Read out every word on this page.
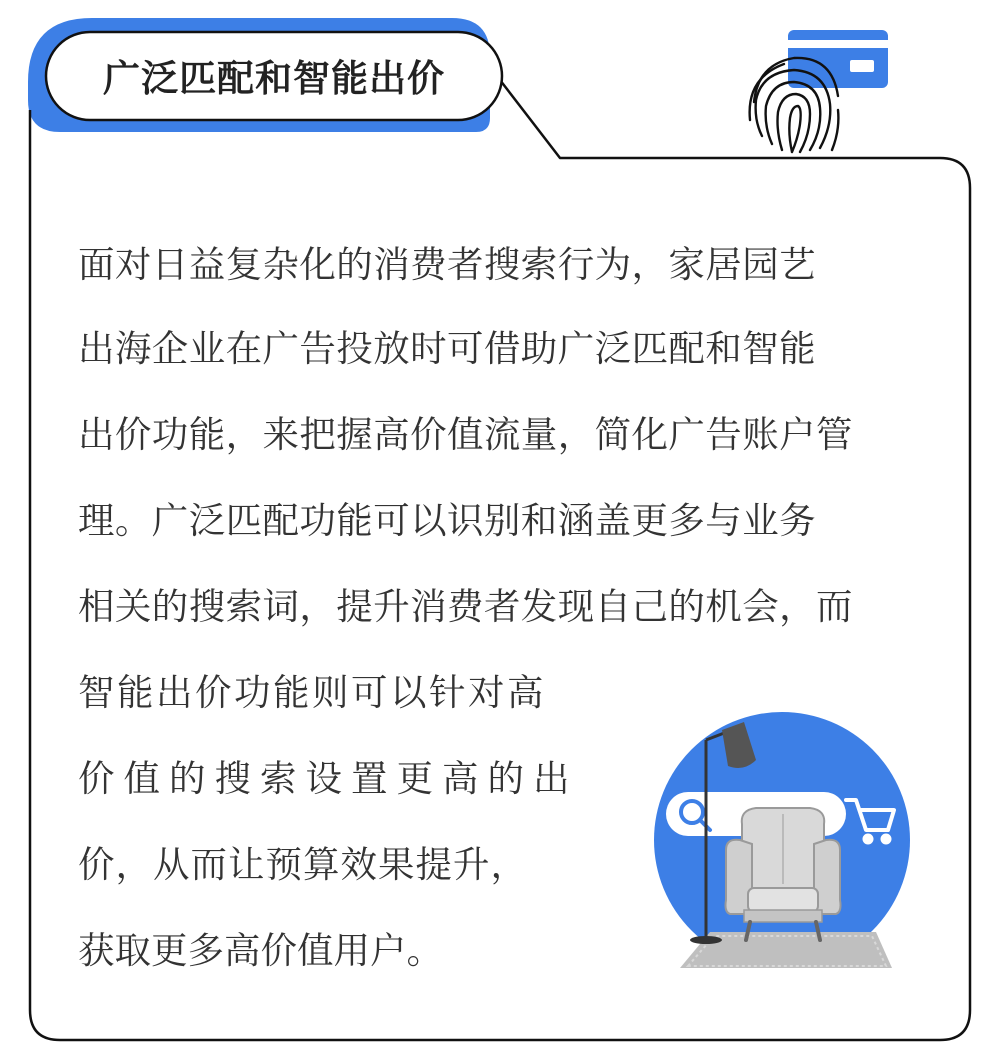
广泛匹配和智能出价

面对日益复杂化的消费者搜索行为，家居园艺

出海企业在广告投放时可借助广泛匹配和智能

出价功能，来把握高价值流量，简化广告账户管

理。广泛匹配功能可以识别和涵盖更多与业务

相关的搜索词，提升消费者发现自己的机会，而

智能出价功能则可以针对高

价值的搜索设置更高的出

价，从而让预算效果提升，

获取更多高价值用户。
